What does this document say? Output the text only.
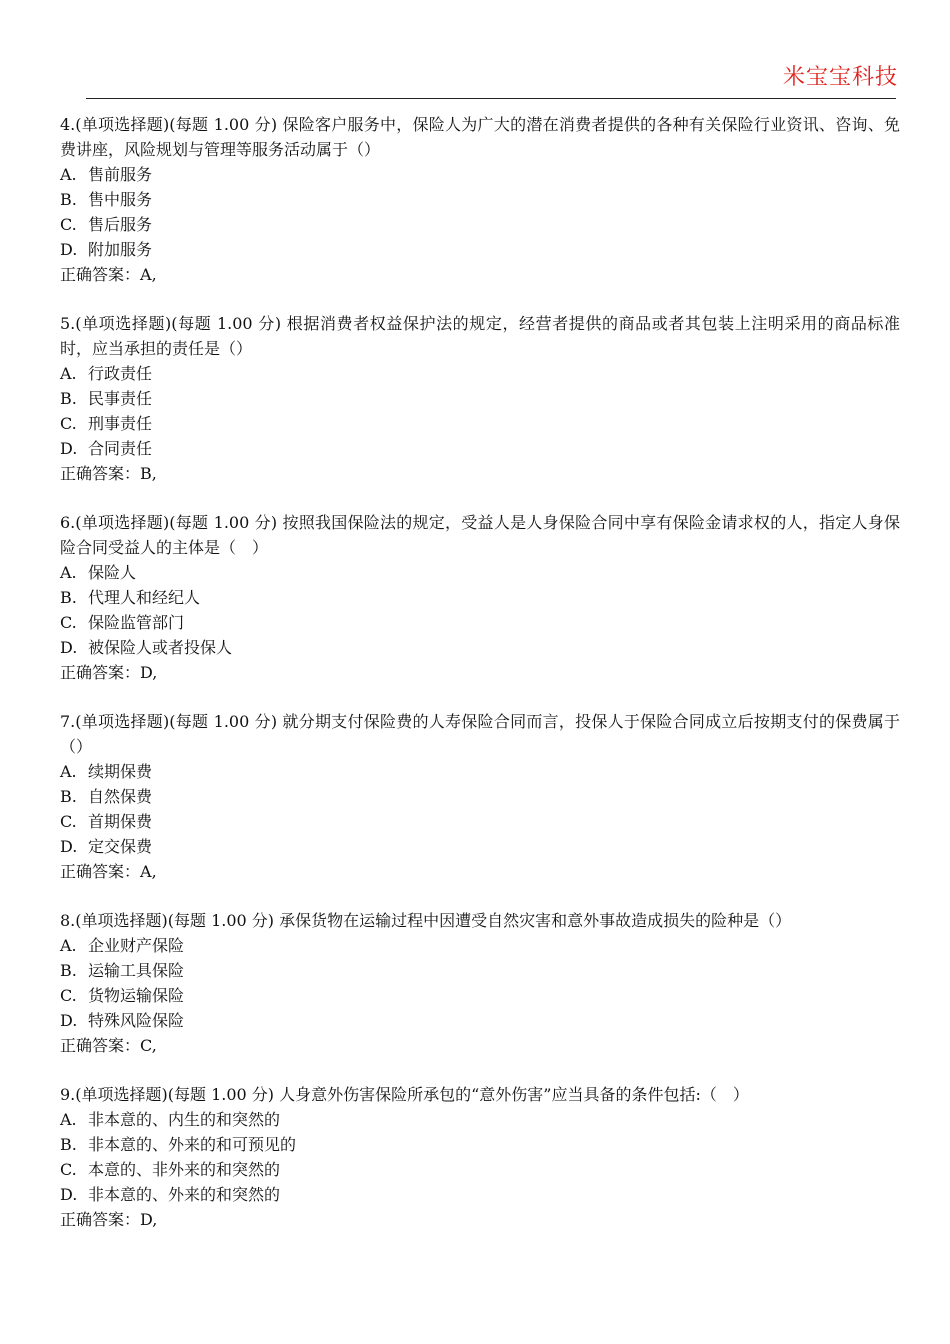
米宝宝科技

4.(单项选择题)(每题 1.00 分) 保险客户服务中，保险人为广大的潜在消费者提供的各种有关保险行业资讯、咨询、免费讲座，风险规划与管理等服务活动属于（）

A. 售前服务

B. 售中服务

C. 售后服务

D. 附加服务

正确答案：A,

5.(单项选择题)(每题 1.00 分) 根据消费者权益保护法的规定，经营者提供的商品或者其包装上注明采用的商品标准时，应当承担的责任是（）

A. 行政责任

B. 民事责任

C. 刑事责任

D. 合同责任

正确答案：B,

6.(单项选择题)(每题 1.00 分) 按照我国保险法的规定，受益人是人身保险合同中享有保险金请求权的人，指定人身保险合同受益人的主体是（　）

A. 保险人

B. 代理人和经纪人

C. 保险监管部门

D. 被保险人或者投保人

正确答案：D,

7.(单项选择题)(每题 1.00 分) 就分期支付保险费的人寿保险合同而言，投保人于保险合同成立后按期支付的保费属于（）

A. 续期保费

B. 自然保费

C. 首期保费

D. 定交保费

正确答案：A,

8.(单项选择题)(每题 1.00 分) 承保货物在运输过程中因遭受自然灾害和意外事故造成损失的险种是（）

A. 企业财产保险

B. 运输工具保险

C. 货物运输保险

D. 特殊风险保险

正确答案：C,

9.(单项选择题)(每题 1.00 分) 人身意外伤害保险所承包的“意外伤害”应当具备的条件包括:（　）

A. 非本意的、内生的和突然的

B. 非本意的、外来的和可预见的

C. 本意的、非外来的和突然的

D. 非本意的、外来的和突然的

正确答案：D,
